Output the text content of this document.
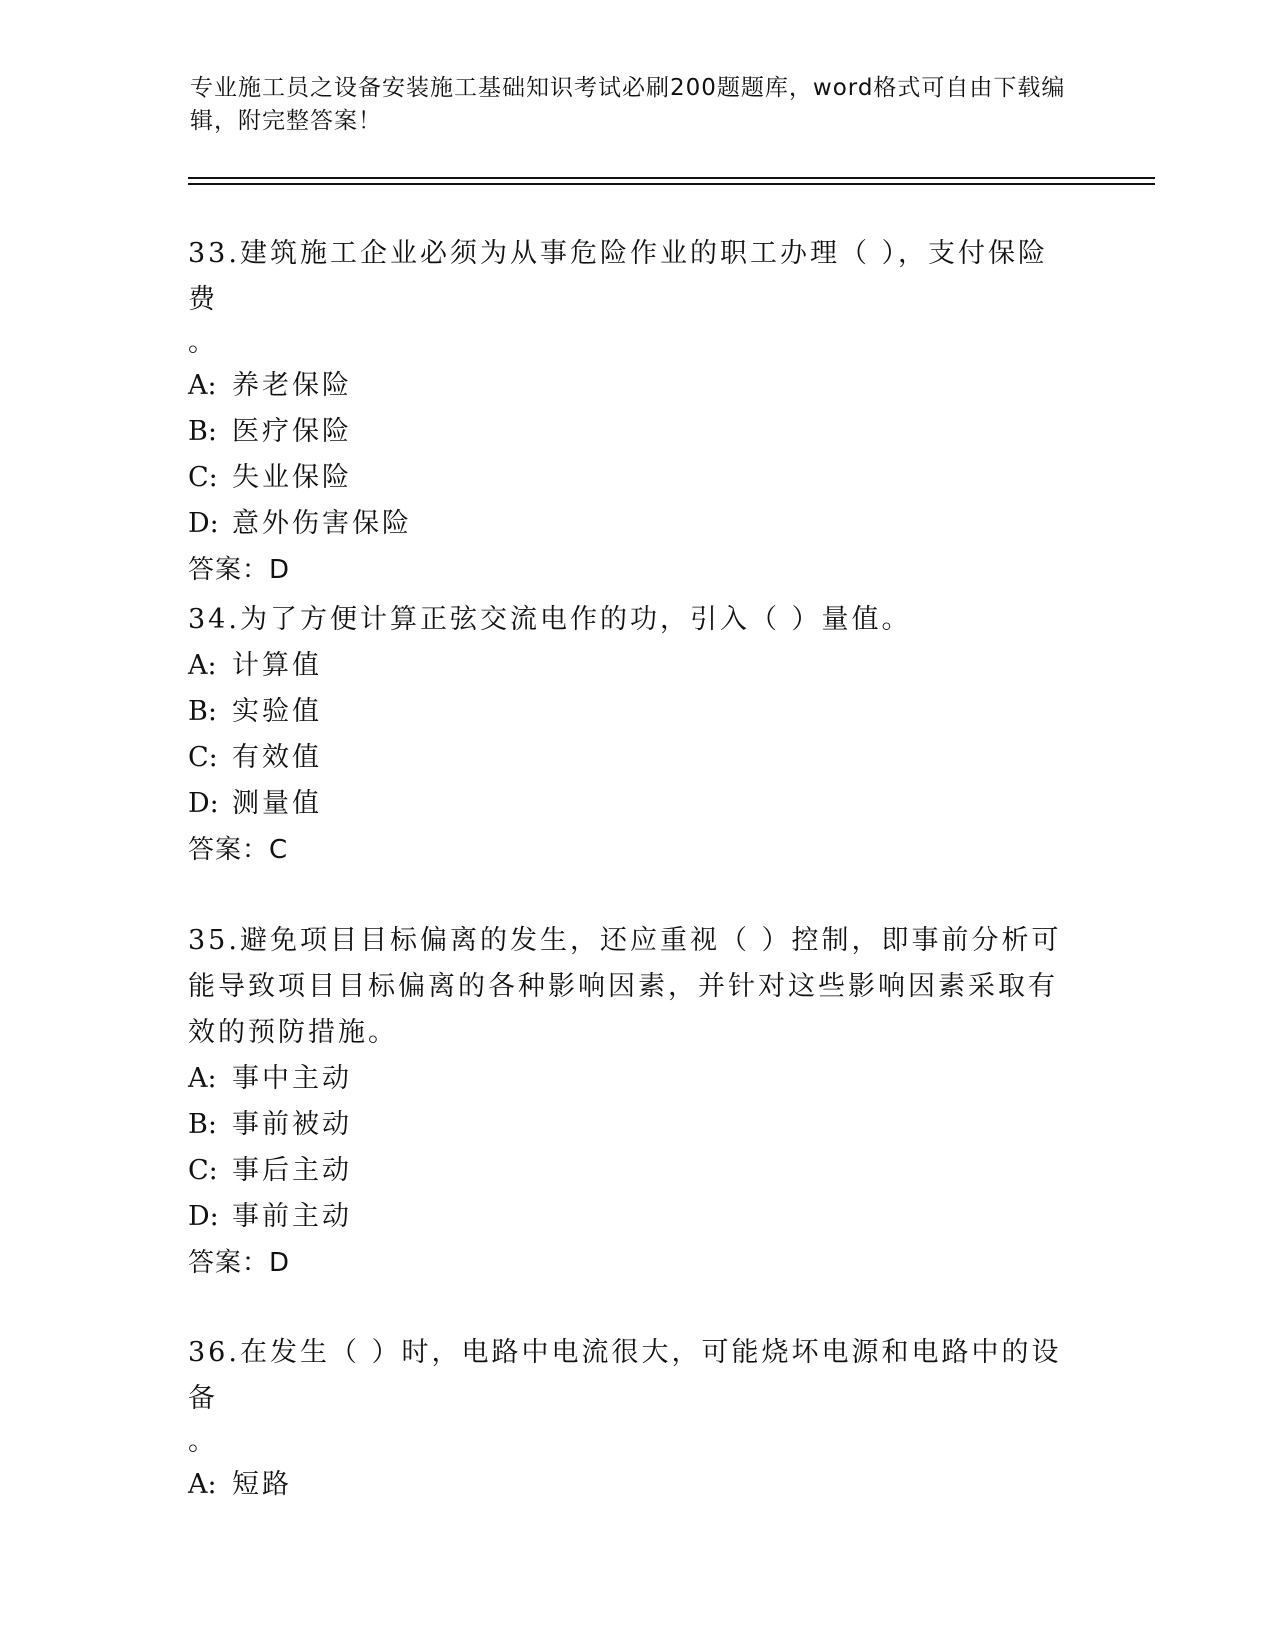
专业施工员之设备安装施工基础知识考试必刷200题题库，word格式可自由下载编辑，附完整答案！
33.建筑施工企业必须为从事危险作业的职工办理（ ），支付保险费
。
A: 养老保险
B: 医疗保险
C: 失业保险
D: 意外伤害保险
答案：D
34.为了方便计算正弦交流电作的功，引入（ ）量值。
A: 计算值
B: 实验值
C: 有效值
D: 测量值
答案：C
35.避免项目目标偏离的发生，还应重视（ ）控制，即事前分析可能导致项目目标偏离的各种影响因素，并针对这些影响因素采取有效的预防措施。
A: 事中主动
B: 事前被动
C: 事后主动
D: 事前主动
答案：D
36.在发生（ ）时，电路中电流很大，可能烧坏电源和电路中的设备
。
A: 短路
